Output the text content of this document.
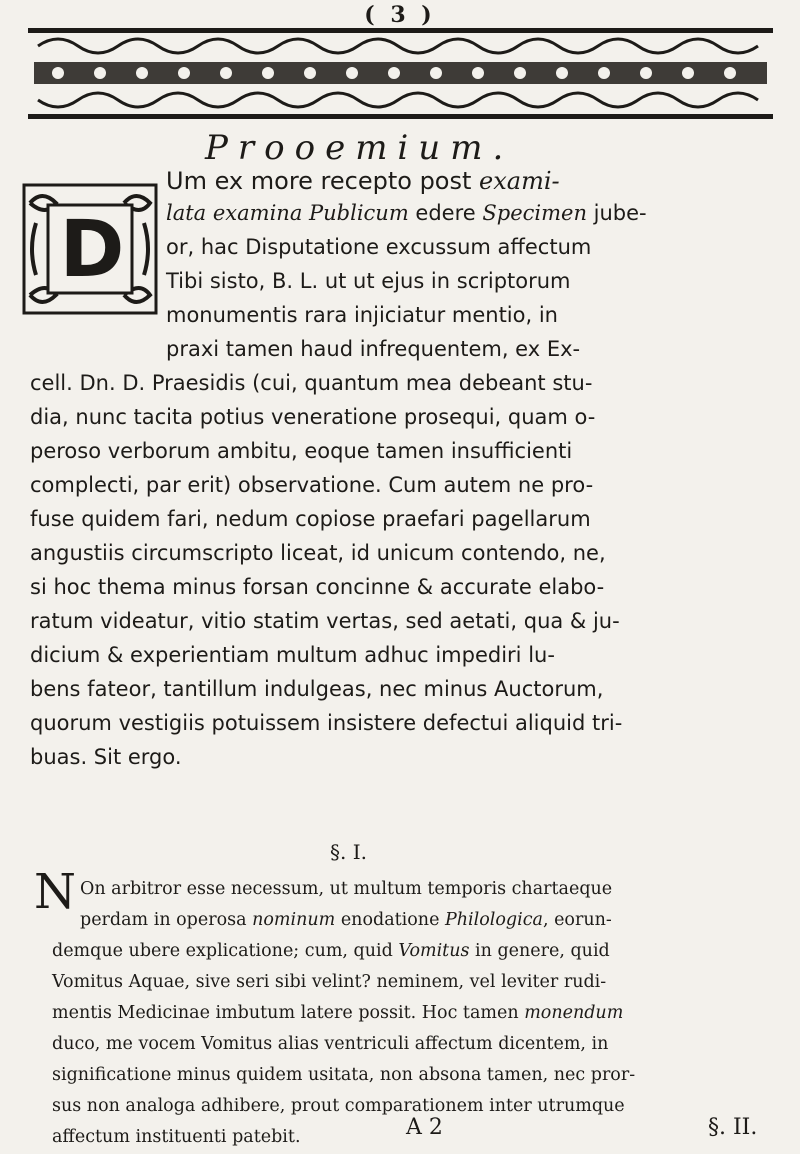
( 3 )
Prooemium.
D
Um ex more recepto post exami-
lata examina Publicum edere Specimen jube-
or, hac Disputatione excussum affectum
Tibi sisto, B. L. ut ut ejus in scriptorum
monumentis rara injiciatur mentio, in
praxi tamen haud infrequentem, ex Ex-
cell. Dn. D. Praesidis (cui, quantum mea debeant stu-
dia, nunc tacita potius veneratione prosequi, quam o-
peroso verborum ambitu, eoque tamen insufficienti
complecti, par erit) observatione. Cum autem ne pro-
fuse quidem fari, nedum copiose praefari pagellarum
angustiis circumscripto liceat, id unicum contendo, ne,
si hoc thema minus forsan concinne & accurate elabo-
ratum videatur, vitio statim vertas, sed aetati, qua & ju-
dicium & experientiam multum adhuc impediri lu-
bens fateor, tantillum indulgeas, nec minus Auctorum,
quorum vestigiis potuissem insistere defectui aliquid tri-
buas. Sit ergo.
§. I.
N On arbitror esse necessum, ut multum temporis chartaeque
perdam in operosa nominum enodatione Philologica, eorun-
demque ubere explicatione; cum, quid Vomitus in genere, quid
Vomitus Aquae, sive seri sibi velint? neminem, vel leviter rudi-
mentis Medicinae imbutum latere possit. Hoc tamen monendum
duco, me vocem Vomitus alias ventriculi affectum dicentem, in
significatione minus quidem usitata, non absona tamen, nec pror-
sus non analoga adhibere, prout comparationem inter utrumque
affectum instituenti patebit.	A 2	§. II.
